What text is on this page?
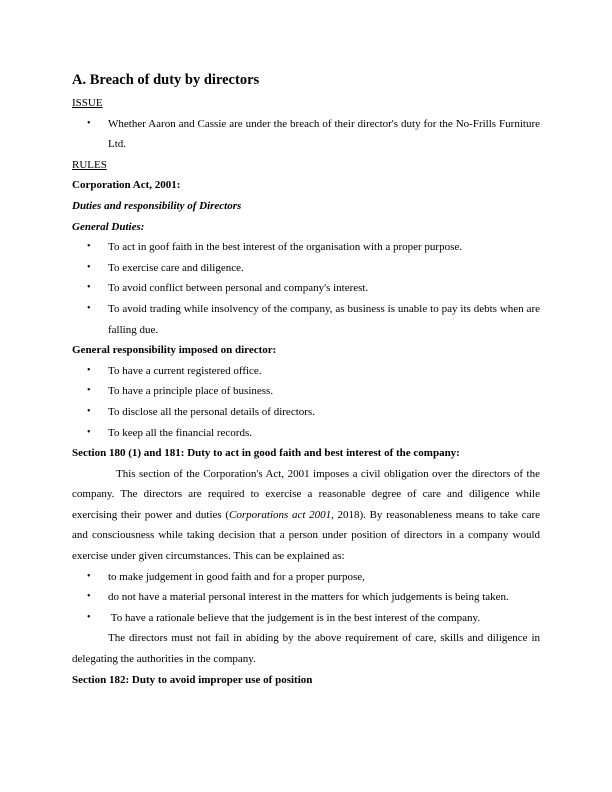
A. Breach of duty by directors

ISSUE

• Whether Aaron and Cassie are under the breach of their director's duty for the No-Frills Furniture Ltd.

RULES

Corporation Act, 2001:

Duties and responsibility of Directors

General Duties:

• To act in goof faith in the best interest of the organisation with a proper purpose.
• To exercise care and diligence.
• To avoid conflict between personal and company's interest.
• To avoid trading while insolvency of the company, as business is unable to pay its debts when are falling due.

General responsibility imposed on director:

• To have a current registered office.
• To have a principle place of business.
• To disclose all the personal details of directors.
• To keep all the financial records.

Section 180 (1) and 181: Duty to act in good faith and best interest of the company:

This section of the Corporation's Act, 2001 imposes a civil obligation over the directors of the company. The directors are required to exercise a reasonable degree of care and diligence while exercising their power and duties (Corporations act 2001, 2018). By reasonableness means to take care and consciousness while taking decision that a person under position of directors in a company would exercise under given circumstances. This can be explained as:

• to make judgement in good faith and for a proper purpose,
• do not have a material personal interest in the matters for which judgements is being taken.
• To have a rationale believe that the judgement is in the best interest of the company.

The directors must not fail in abiding by the above requirement of care, skills and diligence in delegating the authorities in the company.

Section 182: Duty to avoid improper use of position
